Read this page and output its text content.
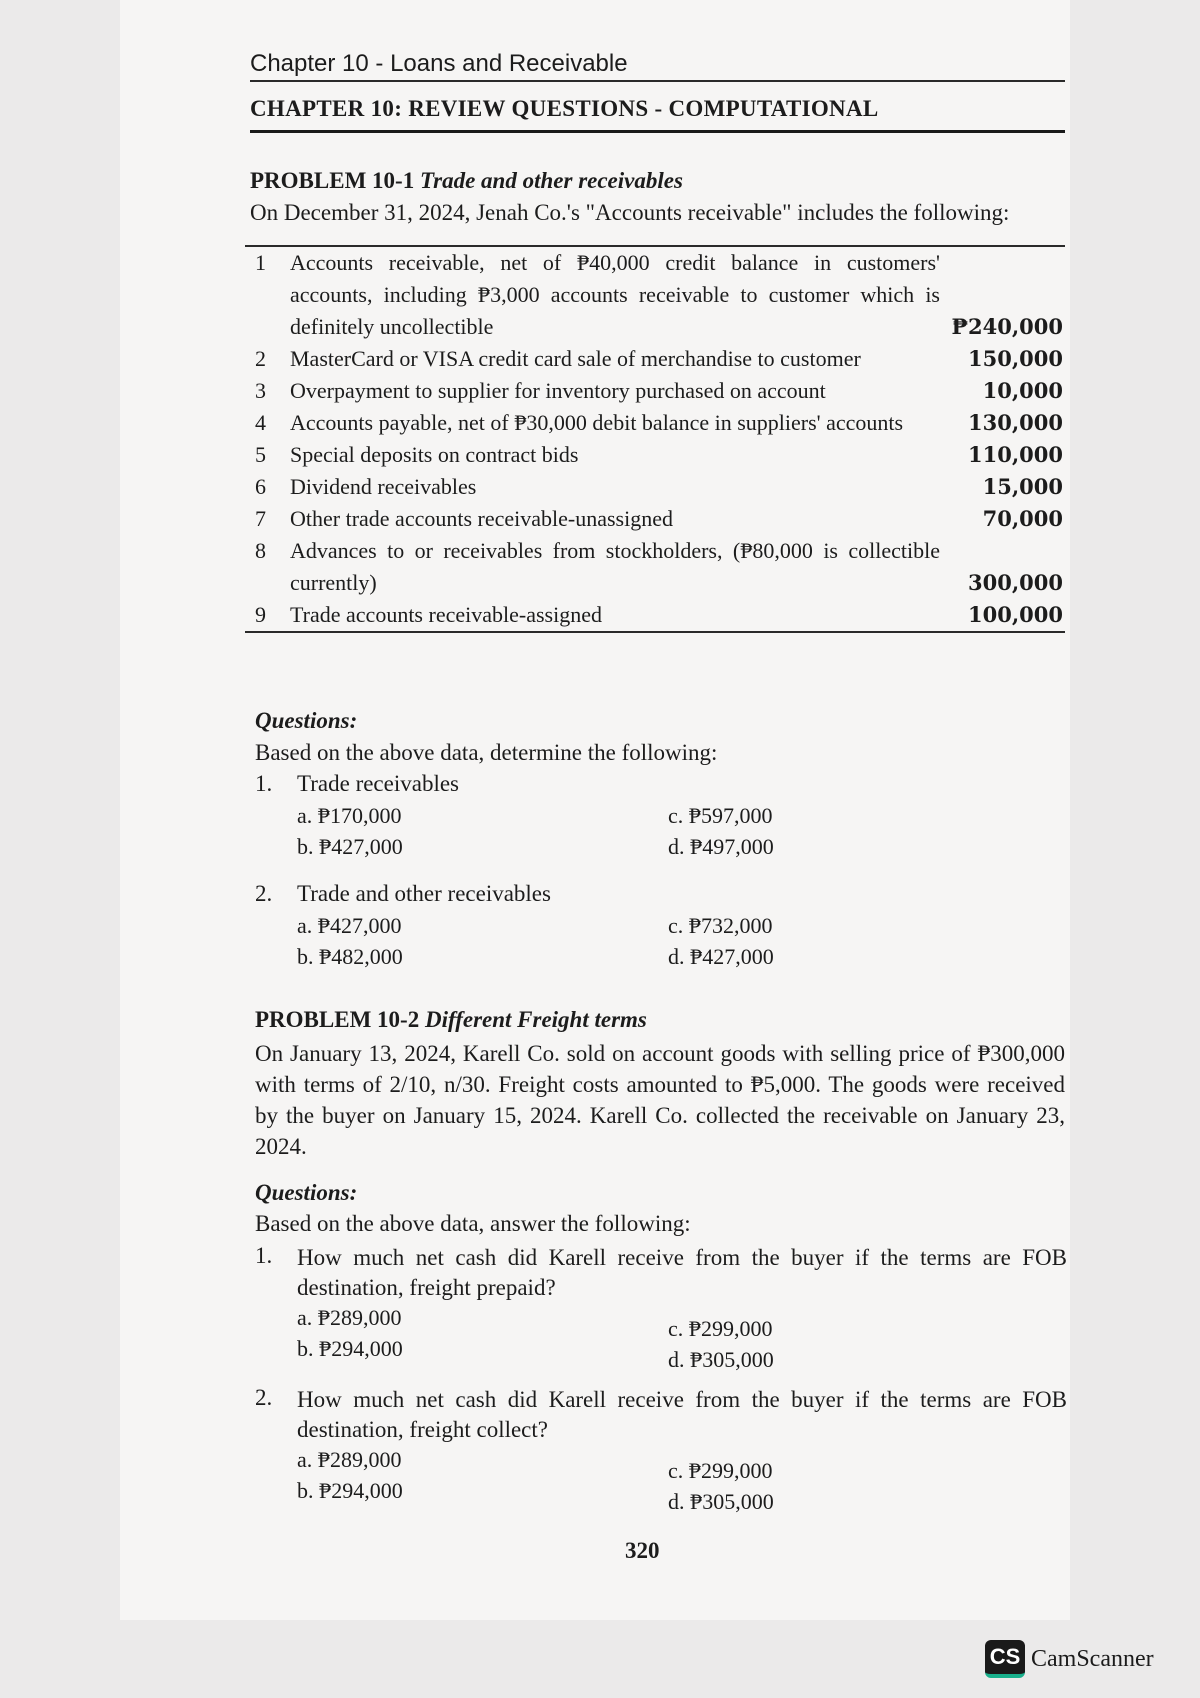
Chapter 10 - Loans and Receivable
CHAPTER 10: REVIEW QUESTIONS - COMPUTATIONAL
PROBLEM 10-1 Trade and other receivables
On December 31, 2024, Jenah Co.'s "Accounts receivable" includes the following:
1	Accounts receivable, net of ₱40,000 credit balance in customers' accounts, including ₱3,000 accounts receivable to customer which is definitely uncollectible	₱240,000
2	MasterCard or VISA credit card sale of merchandise to customer	150,000
3	Overpayment to supplier for inventory purchased on account	10,000
4	Accounts payable, net of ₱30,000 debit balance in suppliers' accounts	130,000
5	Special deposits on contract bids	110,000
6	Dividend receivables	15,000
7	Other trade accounts receivable-unassigned	70,000
8	Advances to or receivables from stockholders, (₱80,000 is collectible currently)	300,000
9	Trade accounts receivable-assigned	100,000
Questions:
Based on the above data, determine the following:
1. Trade receivables
a. ₱170,000
b. ₱427,000
c. ₱597,000
d. ₱497,000
2. Trade and other receivables
a. ₱427,000
b. ₱482,000
c. ₱732,000
d. ₱427,000
PROBLEM 10-2 Different Freight terms
On January 13, 2024, Karell Co. sold on account goods with selling price of ₱300,000 with terms of 2/10, n/30. Freight costs amounted to ₱5,000. The goods were received by the buyer on January 15, 2024. Karell Co. collected the receivable on January 23, 2024.
Questions:
Based on the above data, answer the following:
1. How much net cash did Karell receive from the buyer if the terms are FOB destination, freight prepaid?
a. ₱289,000
b. ₱294,000
c. ₱299,000
d. ₱305,000
2. How much net cash did Karell receive from the buyer if the terms are FOB destination, freight collect?
a. ₱289,000
b. ₱294,000
c. ₱299,000
d. ₱305,000
320
CS CamScanner
